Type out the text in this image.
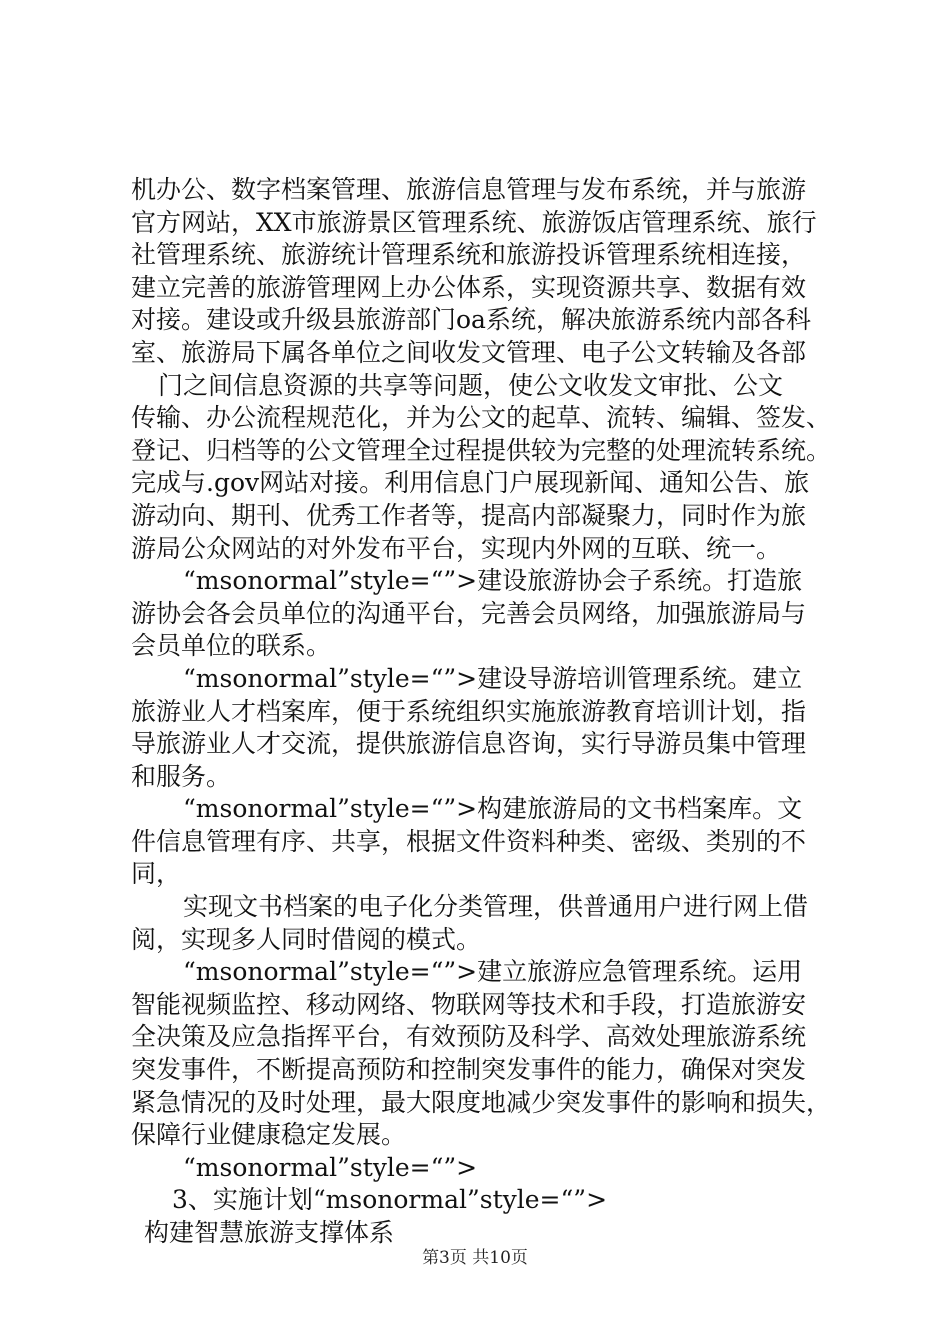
机办公、数字档案管理、旅游信息管理与发布系统，并与旅游
官方网站，XX市旅游景区管理系统、旅游饭店管理系统、旅行
社管理系统、旅游统计管理系统和旅游投诉管理系统相连接，
建立完善的旅游管理网上办公体系，实现资源共享、数据有效
对接。建设或升级县旅游部门oa系统，解决旅游系统内部各科
室、旅游局下属各单位之间收发文管理、电子公文转输及各部
门之间信息资源的共享等问题，使公文收发文审批、公文
传输、办公流程规范化，并为公文的起草、流转、编辑、签发、
登记、归档等的公文管理全过程提供较为完整的处理流转系统。
完成与.gov网站对接。利用信息门户展现新闻、通知公告、旅
游动向、期刊、优秀工作者等，提高内部凝聚力，同时作为旅
游局公众网站的对外发布平台，实现内外网的互联、统一。
“msonormal”style=“”>建设旅游协会子系统。打造旅
游协会各会员单位的沟通平台，完善会员网络，加强旅游局与
会员单位的联系。
“msonormal”style=“”>建设导游培训管理系统。建立
旅游业人才档案库，便于系统组织实施旅游教育培训计划，指
导旅游业人才交流，提供旅游信息咨询，实行导游员集中管理
和服务。
“msonormal”style=“”>构建旅游局的文书档案库。文
件信息管理有序、共享，根据文件资料种类、密级、类别的不
同，
实现文书档案的电子化分类管理，供普通用户进行网上借
阅，实现多人同时借阅的模式。
“msonormal”style=“”>建立旅游应急管理系统。运用
智能视频监控、移动网络、物联网等技术和手段，打造旅游安
全决策及应急指挥平台，有效预防及科学、高效处理旅游系统
突发事件，不断提高预防和控制突发事件的能力，确保对突发
紧急情况的及时处理，最大限度地减少突发事件的影响和损失，
保障行业健康稳定发展。
“msonormal”style=“”>
3、实施计划“msonormal”style=“”>
构建智慧旅游支撑体系
第3页 共10页
